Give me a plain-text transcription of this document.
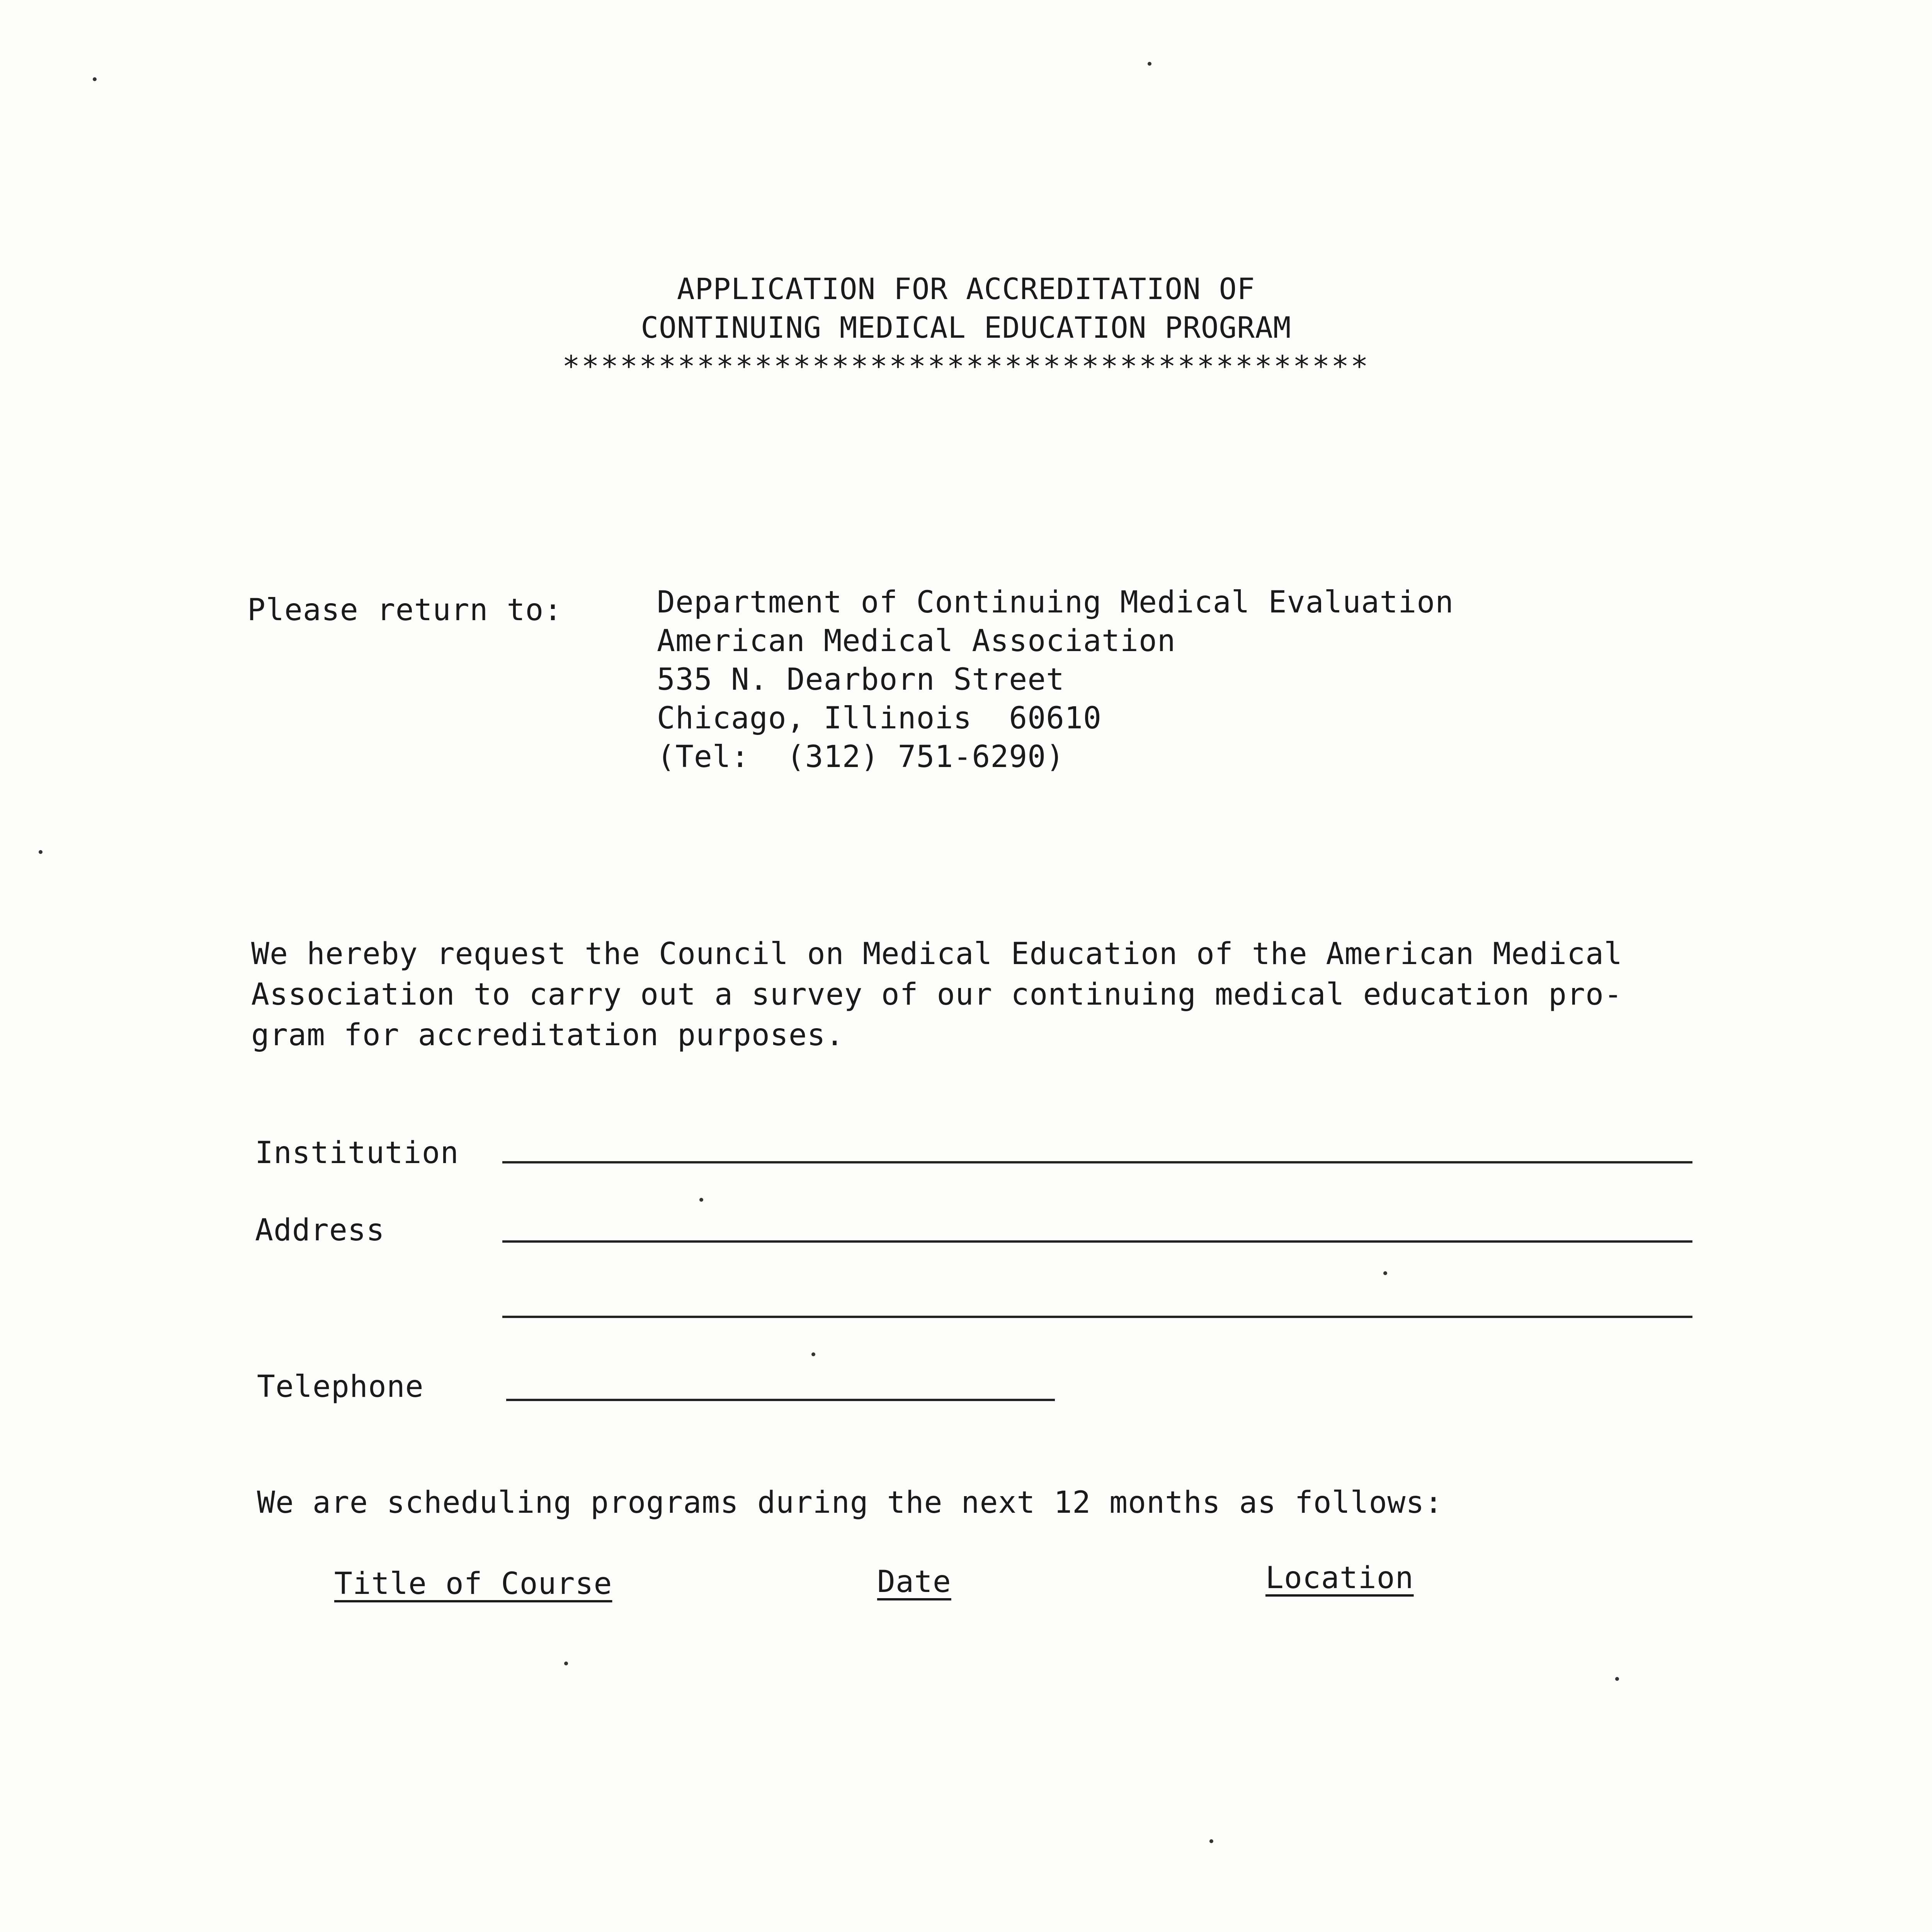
APPLICATION FOR ACCREDITATION OF
CONTINUING MEDICAL EDUCATION PROGRAM
******************************************
Please return to:	Department of Continuing Medical Evaluation
American Medical Association
535 N. Dearborn Street
Chicago, Illinois  60610
(Tel:  (312) 751-6290)
We hereby request the Council on Medical Education of the American Medical
Association to carry out a survey of our continuing medical education pro-
gram for accreditation purposes.
Institution
Address
Telephone
We are scheduling programs during the next 12 months as follows:
Title of Course	Date	Location
